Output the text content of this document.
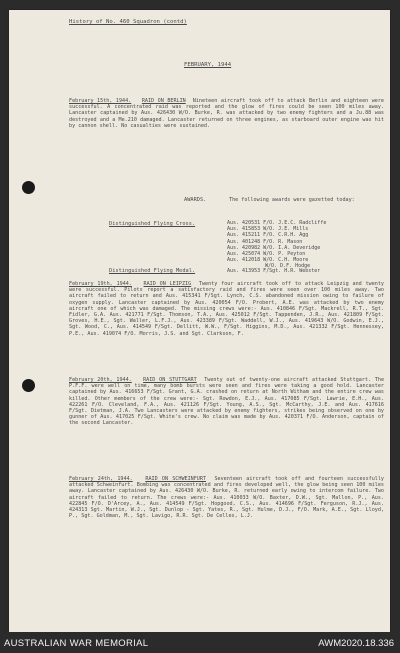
History of No. 460 Squadron (contd)
FEBRUARY, 1944

February 15th, 1944. RAID ON BERLIN Nineteen aircraft took off to attack Berlin and eighteen were successful. A concentrated raid was reported and the glow of fires could be seen 100 miles away. Lancaster captained by Aus. 426430 W/O. Burke, R. was attacked by two enemy fighters and a Ju.88 was destroyed and a Me.210 damaged. Lancaster returned on three engines, as starboard outer engine was hit by cannon shell. No casualties were sustained.

AWARDS.	The following awards were gazetted today:
Distinguished Flying Cross.	Aus. 420531 F/O. J.E.C. Radcliffe
Aus. 415853 W/O. J.E. Mills
Aus. 415211 F/O. C.R.H. Agg
Aus. 401248 F/O. R. Mason
Aus. 420982 W/O. I.A. Deveridge
Aus. 425074 W/O. P. Peyton
Aus. 412018 W/O. C.H. Moore
W/O. D.F. Hodge
Distinguished Flying Medal.	Aus. 413953 F/Sgt. H.R. Webster

February 19th, 1944. RAID ON LEIPZIG Twenty four aircraft took off to attack Leipzig and twenty were successful. Pilots report a satisfactory raid and fires were seen over 100 miles away. Two aircraft failed to return and Aus. 415341 F/Sgt. Lynch, C.S. abandoned mission owing to failure of oxygen supply. Lancaster captained by Aus. 420054 F/O. Probert, A.E. was attacked by two enemy aircraft one of which was damaged. The missing crews were:- Aus. 410846 F/Sgt. Mackrell, R.T., Sgt. Fidler, G.A. Aus. 421771 F/Sgt. Thomson, T.A., Aus. 425012 F/Sgt. Tappenden, J.R., Aus. 421809 F/Sgt. Groves, H.E., Sgt. Waller, L.F.J., Aus. 423389 F/Sgt. Waddell, W.J., Aus. 419643 W/O. Godwin, E.J., Sgt. Wood, C., Aus. 414549 F/Sgt. Dellitt, W.W., F/Sgt. Higgins, M.D., Aus. 421332 F/Sgt. Hennessey, P.E., Aus. 419074 F/O. Morris, J.S. and Sgt. Clarkson, F.

February 20th, 1944. RAID ON STUTTGART Twenty out of twenty-one aircraft attacked Stuttgart. The P.F.F. were well on time, many bomb bursts were seen and fires were taking a good hold. Lancaster captained by Aus. 416653 F/Sgt. Grant, G.A. crashed on return at North Witham and the entire crew was killed. Other members of the crew were:- Sgt. Rowdon, E.J., Aus. 417085 F/Sgt. Lawrie, E.H., Aus. 422261 F/O. Cleveland, F.A., Aus. 421126 F/Sgt. Young, A.S., Sgt. McCarthy, J.E. and Aus. 417616 F/Sgt. Dietman, J.A. Two Lancasters were attacked by enemy fighters, strikes being observed on one by gunner of Aus. 417025 F/Sgt. White's crew. No claim was made by Aus. 420371 F/O. Anderson, captain of the second Lancaster.

February 24th, 1944. RAID ON SCHWEINFURT Seventeen aircraft took off and fourteen successfully attacked Schweinfurt. Bombing was concentrated and fires developed well, the glow being seen 100 miles away. Lancaster captained by Aus. 426430 W/O. Burke, R. returned early owing to intercom failure. Two aircraft failed to return. The crews were:- Aus. 410033 W/O. Baxter, D.W., Sgt. Mallon, P., Aus. 422845 F/O. D'Arcey, A., Aus. 414549 F/Sgt. Hopgood, C.S., Aus. 414696 F/Sgt. Ferguson, R.J., Aus. 424313 Sgt. Martin, W.J., Sgt. Dunlop - Sgt. Yates, R., Sgt. Hulme, D.J., F/O. Mark, A.E., Sgt. Lloyd, P., Sgt. Goldman, M., Sgt. Lavigo, R.R. Sgt. De Celles, L.J.

AUSTRALIAN WAR MEMORIAL	AWM2020.18.336
